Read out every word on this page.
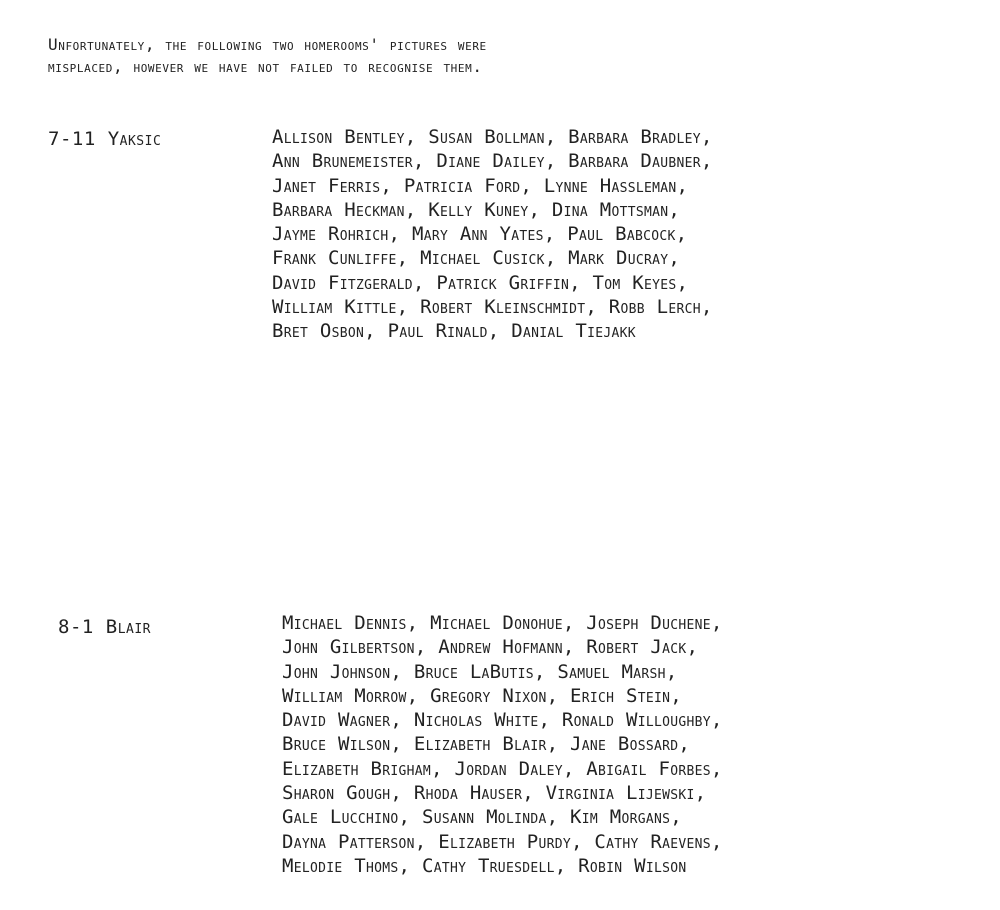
Unfortunately, the following two homerooms' pictures were
misplaced, however we have not failed to recognise them.
7-11 Yaksic	Allison Bentley, Susan Bollman, Barbara Bradley,
Ann Brunemeister, Diane Dailey, Barbara Daubner,
Janet Ferris, Patricia Ford, Lynne Hassleman,
Barbara Heckman, Kelly Kuney, Dina Mottsman,
Jayme Rohrich, Mary Ann Yates, Paul Babcock,
Frank Cunliffe, Michael Cusick, Mark Ducray,
David Fitzgerald, Patrick Griffin, Tom Keyes,
William Kittle, Robert Kleinschmidt, Robb Lerch,
Bret Osbon, Paul Rinald, Danial Tiejakk
8-1 Blair	Michael Dennis, Michael Donohue, Joseph Duchene,
John Gilbertson, Andrew Hofmann, Robert Jack,
John Johnson, Bruce LaButis, Samuel Marsh,
William Morrow, Gregory Nixon, Erich Stein,
David Wagner, Nicholas White, Ronald Willoughby,
Bruce Wilson, Elizabeth Blair, Jane Bossard,
Elizabeth Brigham, Jordan Daley, Abigail Forbes,
Sharon Gough, Rhoda Hauser, Virginia Lijewski,
Gale Lucchino, Susann Molinda, Kim Morgans,
Dayna Patterson, Elizabeth Purdy, Cathy Raevens,
Melodie Thoms, Cathy Truesdell, Robin Wilson
